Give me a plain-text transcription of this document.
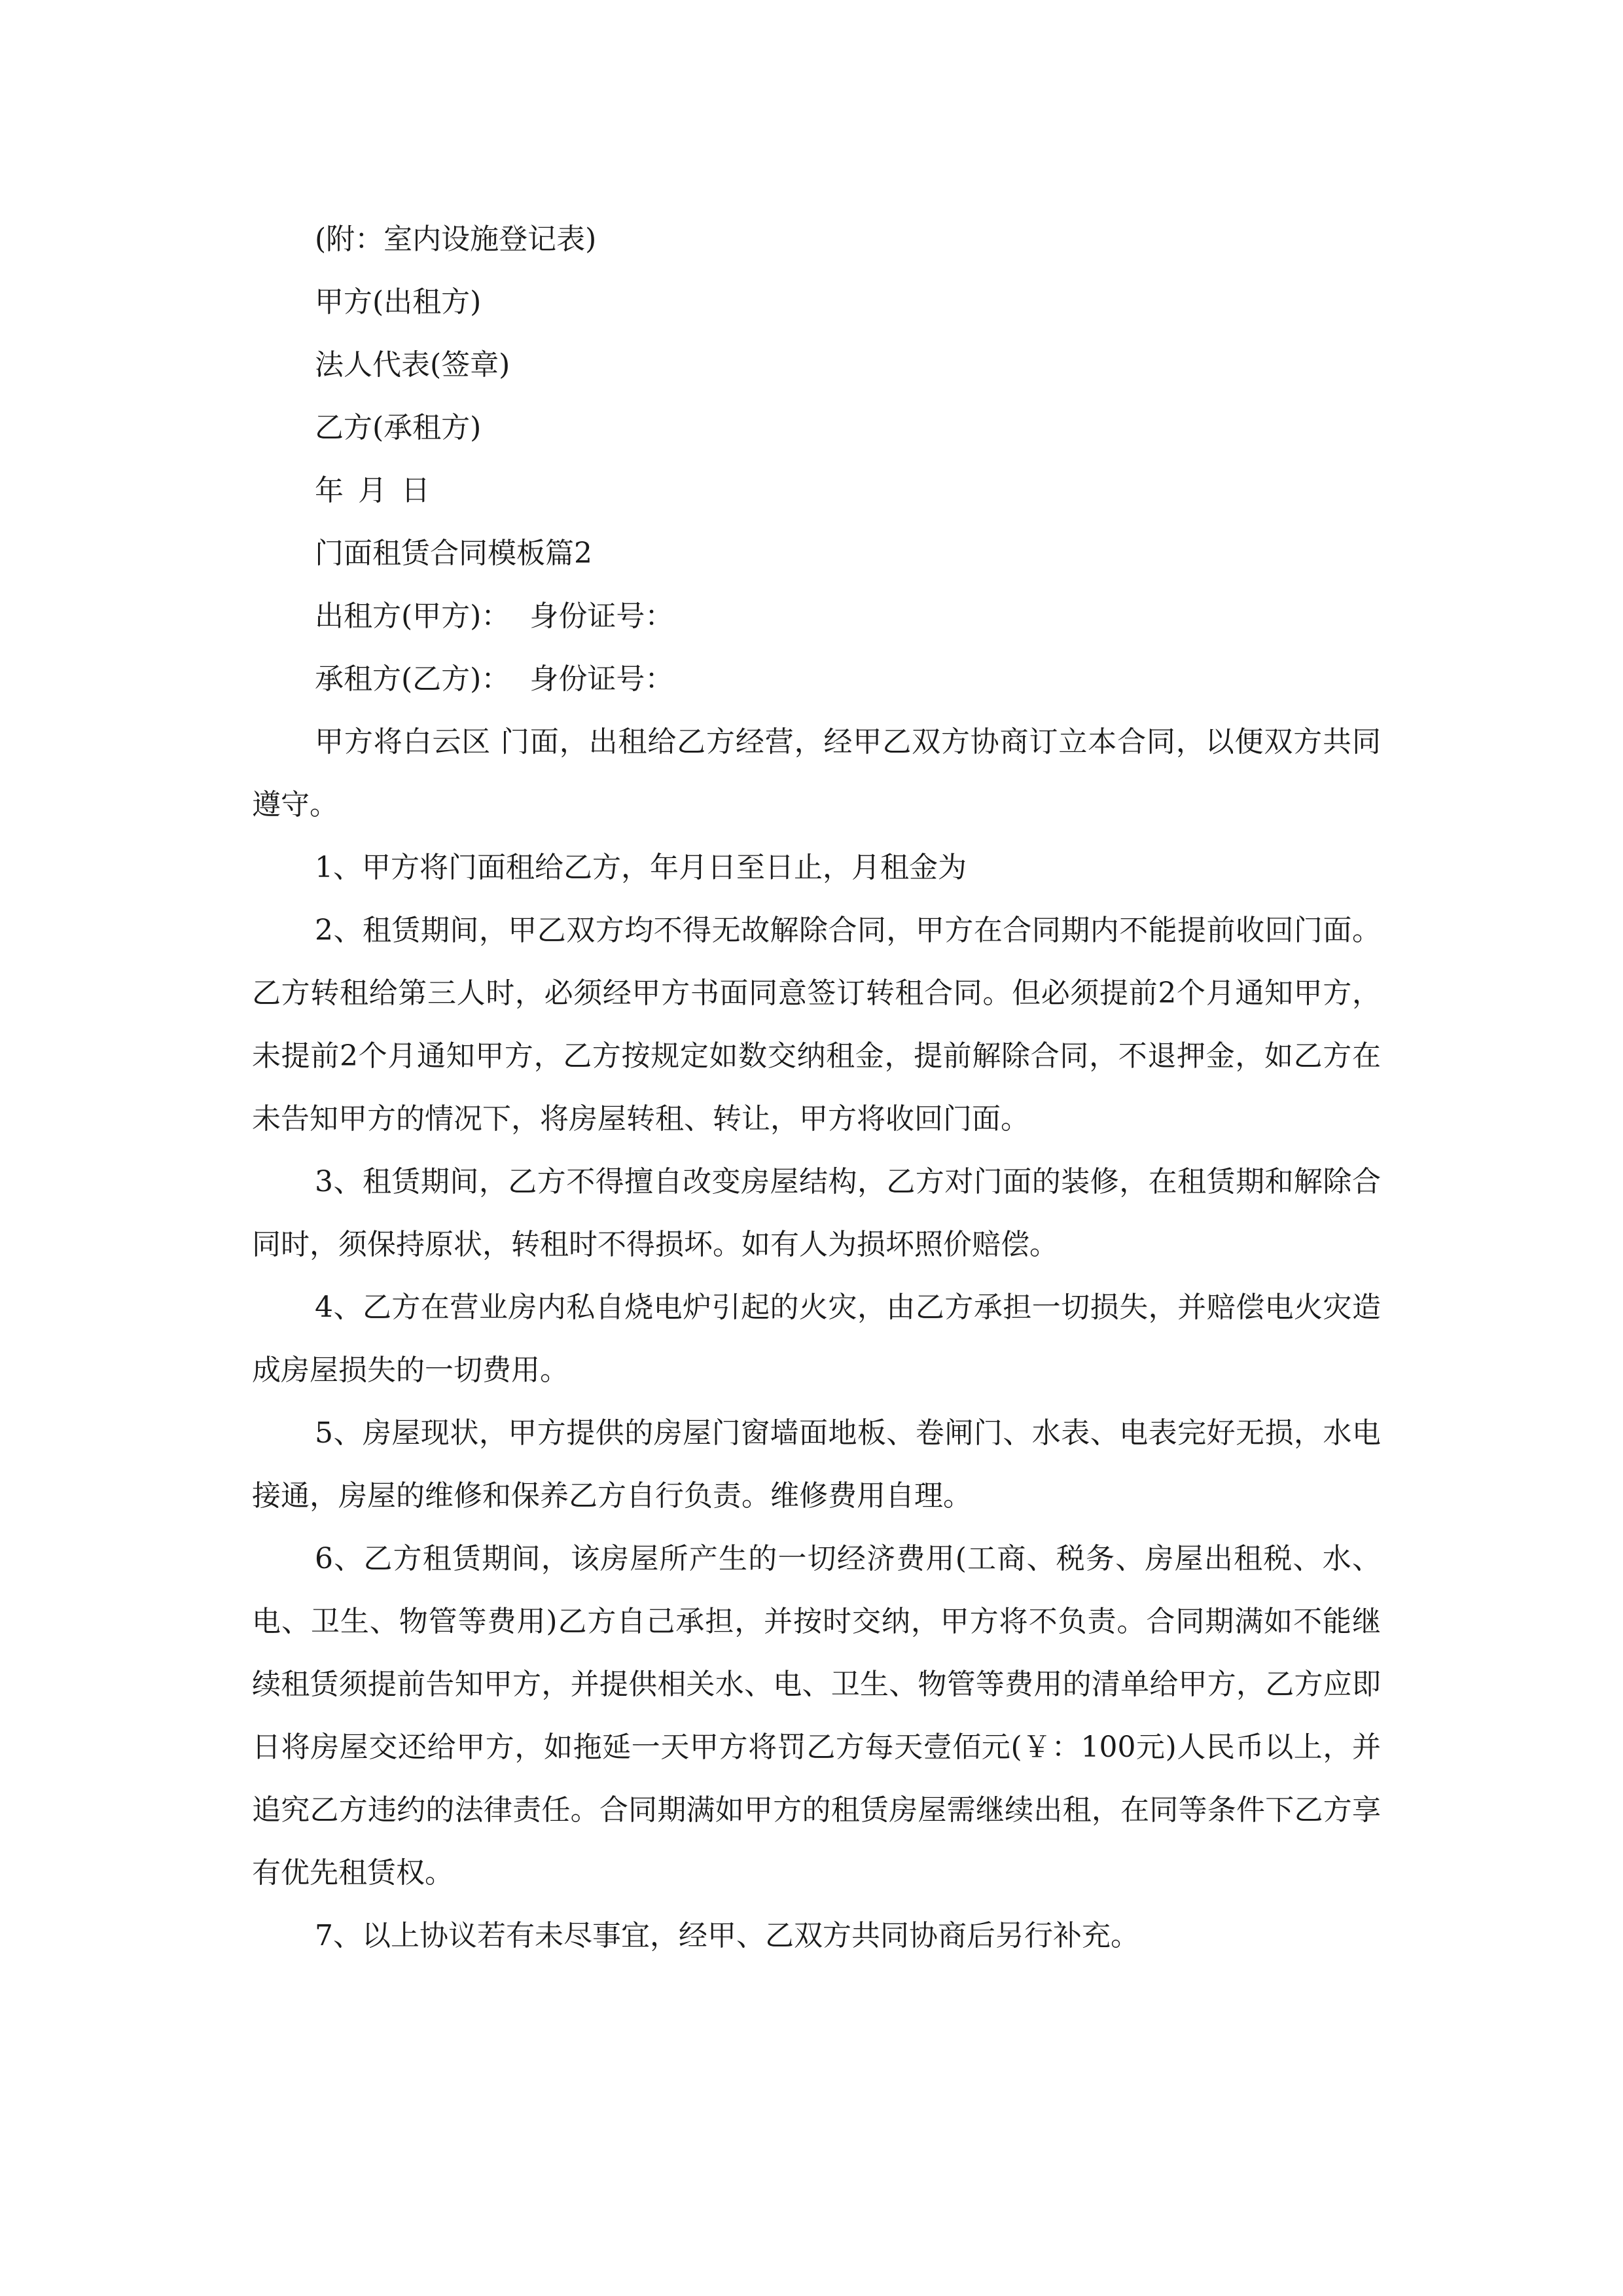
(附：室内设施登记表)

甲方(出租方)

法人代表(签章)

乙方(承租方)

年 月 日

门面租赁合同模板篇2

出租方(甲方)： 身份证号：

承租方(乙方)： 身份证号：

甲方将白云区 门面，出租给乙方经营，经甲乙双方协商订立本合同，以便双方共同遵守。

1、甲方将门面租给乙方，年月日至日止，月租金为

2、租赁期间，甲乙双方均不得无故解除合同，甲方在合同期内不能提前收回门面。乙方转租给第三人时，必须经甲方书面同意签订转租合同。但必须提前2个月通知甲方，未提前2个月通知甲方，乙方按规定如数交纳租金，提前解除合同，不退押金，如乙方在未告知甲方的情况下，将房屋转租、转让，甲方将收回门面。

3、租赁期间，乙方不得擅自改变房屋结构，乙方对门面的装修，在租赁期和解除合同时，须保持原状，转租时不得损坏。如有人为损坏照价赔偿。

4、乙方在营业房内私自烧电炉引起的火灾，由乙方承担一切损失，并赔偿电火灾造成房屋损失的一切费用。

5、房屋现状，甲方提供的房屋门窗墙面地板、卷闸门、水表、电表完好无损，水电接通，房屋的维修和保养乙方自行负责。维修费用自理。

6、乙方租赁期间，该房屋所产生的一切经济费用(工商、税务、房屋出租税、水、电、卫生、物管等费用)乙方自己承担，并按时交纳，甲方将不负责。合同期满如不能继续租赁须提前告知甲方，并提供相关水、电、卫生、物管等费用的清单给甲方，乙方应即日将房屋交还给甲方，如拖延一天甲方将罚乙方每天壹佰元(￥：100元)人民币以上，并追究乙方违约的法律责任。合同期满如甲方的租赁房屋需继续出租，在同等条件下乙方享有优先租赁权。

7、以上协议若有未尽事宜，经甲、乙双方共同协商后另行补充。
